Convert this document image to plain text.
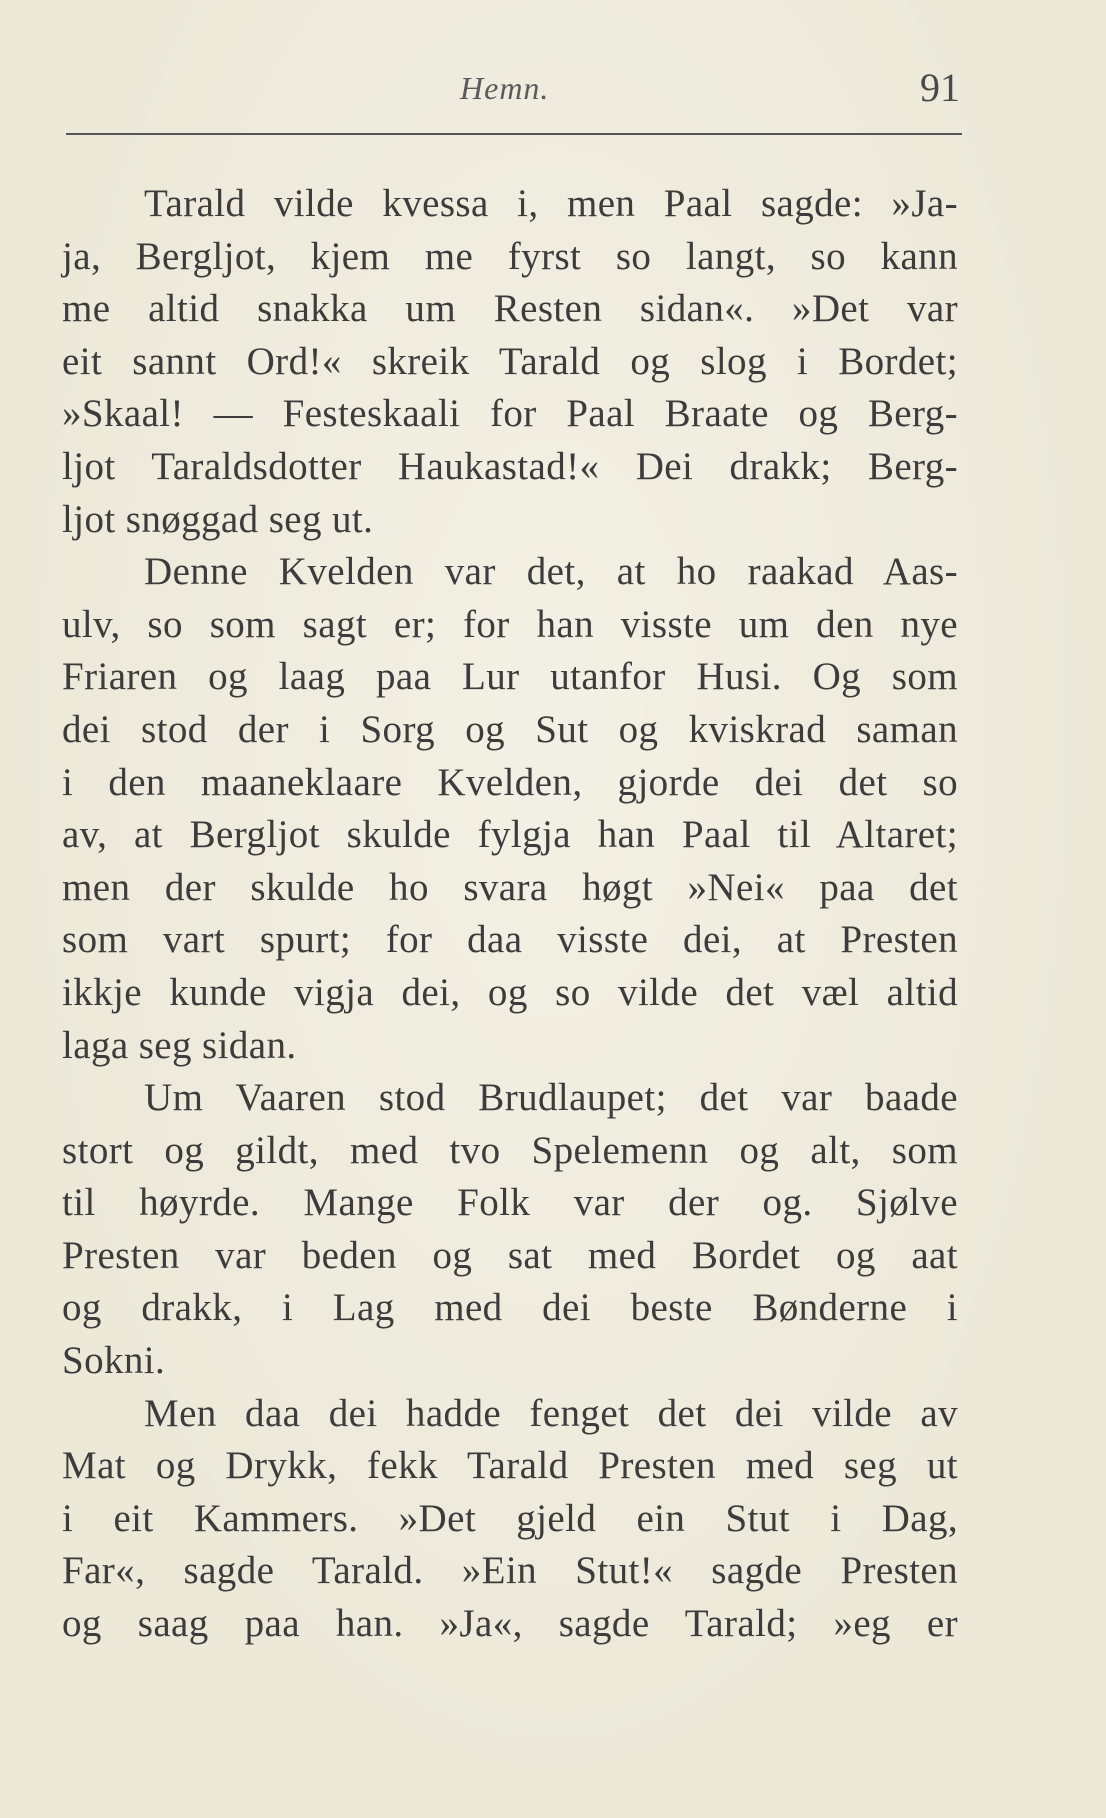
Hemn.	91
Tarald vilde kvessa i, men Paal sagde: »Ja-
ja, Bergljot, kjem me fyrst so langt, so kann
me altid snakka um Resten sidan«. »Det var
eit sannt Ord!« skreik Tarald og slog i Bordet;
»Skaal! — Festeskaali for Paal Braate og Berg-
ljot Taraldsdotter Haukastad!« Dei drakk; Berg-
ljot snøggad seg ut.
Denne Kvelden var det, at ho raakad Aas-
ulv, so som sagt er; for han visste um den nye
Friaren og laag paa Lur utanfor Husi. Og som
dei stod der i Sorg og Sut og kviskrad saman
i den maaneklaare Kvelden, gjorde dei det so
av, at Bergljot skulde fylgja han Paal til Altaret;
men der skulde ho svara høgt »Nei« paa det
som vart spurt; for daa visste dei, at Presten
ikkje kunde vigja dei, og so vilde det væl altid
laga seg sidan.
Um Vaaren stod Brudlaupet; det var baade
stort og gildt, med tvo Spelemenn og alt, som
til høyrde. Mange Folk var der og. Sjølve
Presten var beden og sat med Bordet og aat
og drakk, i Lag med dei beste Bønderne i
Sokni.
Men daa dei hadde fenget det dei vilde av
Mat og Drykk, fekk Tarald Presten med seg ut
i eit Kammers. »Det gjeld ein Stut i Dag,
Far«, sagde Tarald. »Ein Stut!« sagde Presten
og saag paa han. »Ja«, sagde Tarald; »eg er
